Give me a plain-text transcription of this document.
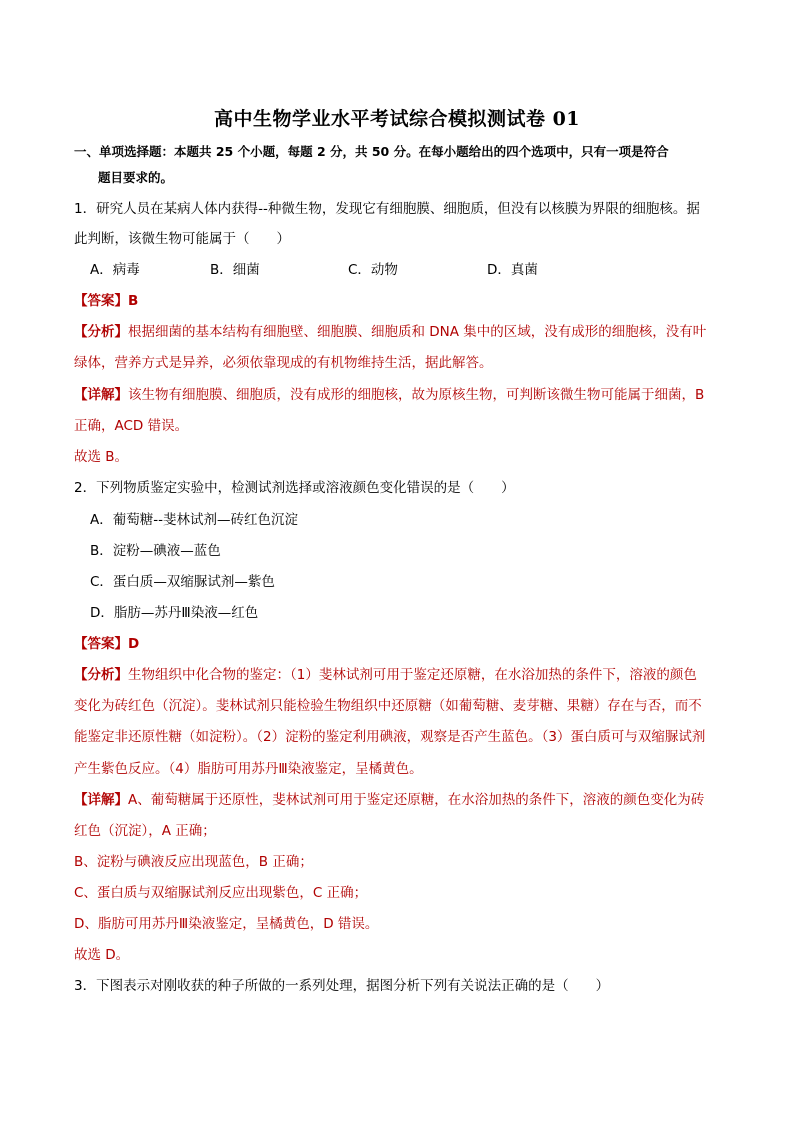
高中生物学业水平考试综合模拟测试卷 01
一、单项选择题：本题共 25 个小题，每题 2 分，共 50 分。在每小题给出的四个选项中，只有一项是符合
题目要求的。
1．研究人员在某病人体内获得--种微生物，发现它有细胞膜、细胞质，但没有以核膜为界限的细胞核。据
此判断，该微生物可能属于（　　）
A．病毒	B．细菌	C．动物	D．真菌
【答案】B
【分析】根据细菌的基本结构有细胞壁、细胞膜、细胞质和 DNA 集中的区域，没有成形的细胞核，没有叶
绿体，营养方式是异养，必须依靠现成的有机物维持生活，据此解答。
【详解】该生物有细胞膜、细胞质，没有成形的细胞核，故为原核生物，可判断该微生物可能属于细菌，B
正确，ACD 错误。
故选 B。
2．下列物质鉴定实验中，检测试剂选择或溶液颜色变化错误的是（　　）
A．葡萄糖--斐林试剂—砖红色沉淀
B．淀粉—碘液—蓝色
C．蛋白质—双缩脲试剂—紫色
D．脂肪—苏丹Ⅲ染液—红色
【答案】D
【分析】生物组织中化合物的鉴定：（1）斐林试剂可用于鉴定还原糖，在水浴加热的条件下，溶液的颜色
变化为砖红色（沉淀）。斐林试剂只能检验生物组织中还原糖（如葡萄糖、麦芽糖、果糖）存在与否，而不
能鉴定非还原性糖（如淀粉）。（2）淀粉的鉴定利用碘液，观察是否产生蓝色。（3）蛋白质可与双缩脲试剂
产生紫色反应。（4）脂肪可用苏丹Ⅲ染液鉴定，呈橘黄色。
【详解】A、葡萄糖属于还原性，斐林试剂可用于鉴定还原糖，在水浴加热的条件下，溶液的颜色变化为砖
红色（沉淀），A 正确；
B、淀粉与碘液反应出现蓝色，B 正确；
C、蛋白质与双缩脲试剂反应出现紫色，C 正确；
D、脂肪可用苏丹Ⅲ染液鉴定，呈橘黄色，D 错误。
故选 D。
3．下图表示对刚收获的种子所做的一系列处理，据图分析下列有关说法正确的是（　　）
